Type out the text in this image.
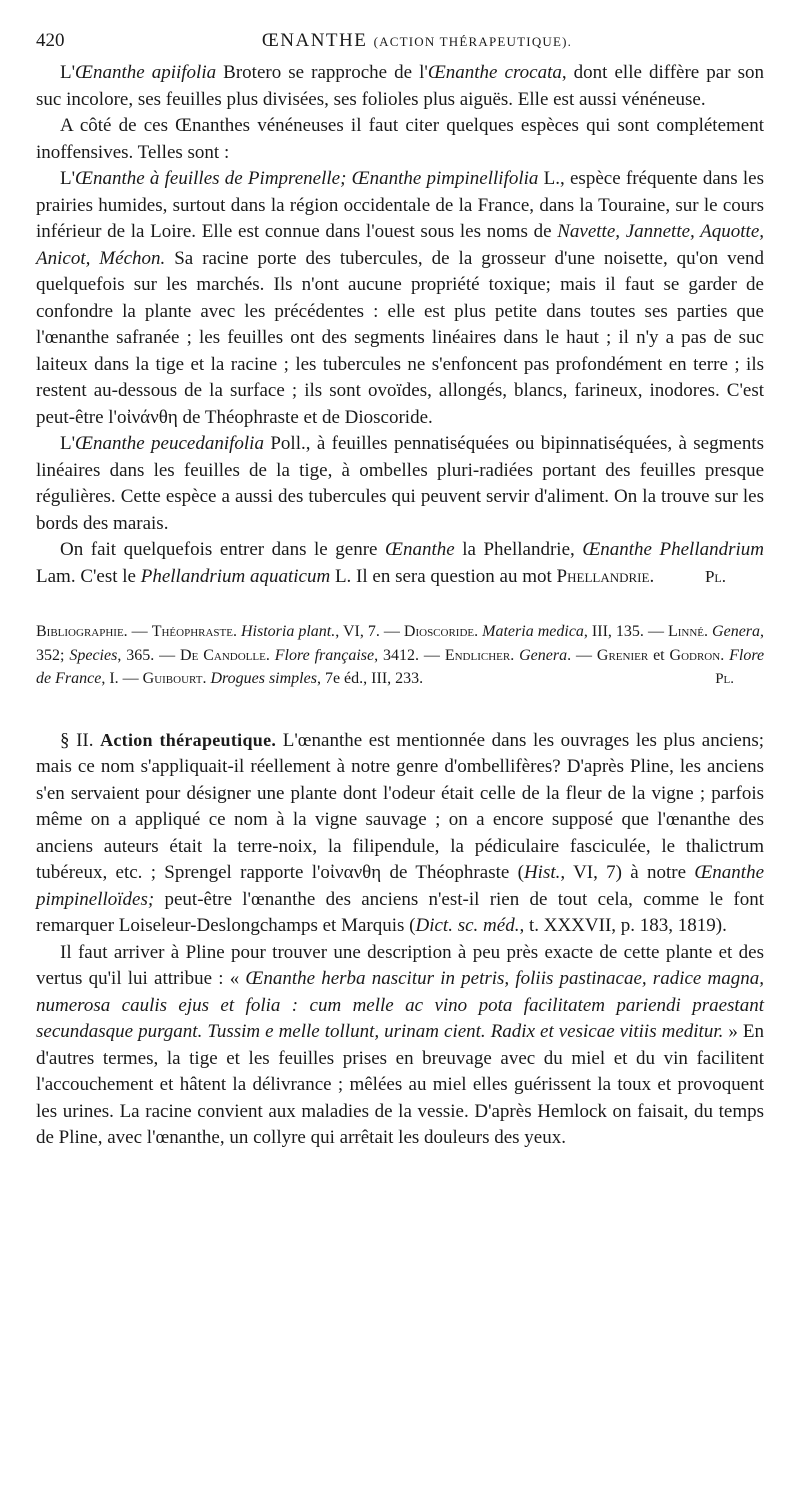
420	ŒNANTHE (ACTION THÉRAPEUTIQUE).

L'Œnanthe apiifolia Brotero se rapproche de l'Œnanthe crocata, dont elle diffère par son suc incolore, ses feuilles plus divisées, ses folioles plus aiguës. Elle est aussi vénéneuse.

A côté de ces Œnanthes vénéneuses il faut citer quelques espèces qui sont complétement inoffensives. Telles sont :

L'Œnanthe à feuilles de Pimprenelle; Œnanthe pimpinellifolia L., espèce fréquente dans les prairies humides, surtout dans la région occidentale de la France, dans la Touraine, sur le cours inférieur de la Loire. Elle est connue dans l'ouest sous les noms de Navette, Jannette, Aquotte, Anicot, Méchon. Sa racine porte des tubercules, de la grosseur d'une noisette, qu'on vend quelquefois sur les marchés. Ils n'ont aucune propriété toxique; mais il faut se garder de confondre la plante avec les précédentes : elle est plus petite dans toutes ses parties que l'œnanthe safranée ; les feuilles ont des segments linéaires dans le haut ; il n'y a pas de suc laiteux dans la tige et la racine ; les tubercules ne s'enfoncent pas profondément en terre ; ils restent au-dessous de la surface ; ils sont ovoïdes, allongés, blancs, farineux, inodores. C'est peut-être l'οἰνάνθη de Théophraste et de Dioscoride.

L'Œnanthe peucedanifolia Poll., à feuilles pennatiséquées ou bipinnatiséquées, à segments linéaires dans les feuilles de la tige, à ombelles pluri-radiées portant des feuilles presque régulières. Cette espèce a aussi des tubercules qui peuvent servir d'aliment. On la trouve sur les bords des marais.

On fait quelquefois entrer dans le genre Œnanthe la Phellandrie, Œnanthe Phellandrium Lam. C'est le Phellandrium aquaticum L. Il en sera question au mot Phellandrie.	Pl.

Bibliographie. — Théophraste. Historia plant., VI, 7. — Dioscoride. Materia medica, III, 135. — Linné. Genera, 352; Species, 365. — De Candolle. Flore française, 3412. — Endlicher. Genera. — Grenier et Godron. Flore de France, I. — Guibourt. Drogues simples, 7e éd., III, 233.	Pl.

§ II. Action thérapeutique. L'œnanthe est mentionnée dans les ouvrages les plus anciens; mais ce nom s'appliquait-il réellement à notre genre d'ombellifères? D'après Pline, les anciens s'en servaient pour désigner une plante dont l'odeur était celle de la fleur de la vigne ; parfois même on a appliqué ce nom à la vigne sauvage ; on a encore supposé que l'œnanthe des anciens auteurs était la terre-noix, la filipendule, la pédiculaire fasciculée, le thalictrum tubéreux, etc. ; Sprengel rapporte l'οἰνανθη de Théophraste (Hist., VI, 7) à notre Œnanthe pimpinelloïdes; peut-être l'œnanthe des anciens n'est-il rien de tout cela, comme le font remarquer Loiseleur-Deslongchamps et Marquis (Dict. sc. méd., t. XXXVII, p. 183, 1819).

Il faut arriver à Pline pour trouver une description à peu près exacte de cette plante et des vertus qu'il lui attribue : « Œnanthe herba nascitur in petris, foliis pastinacae, radice magna, numerosa caulis ejus et folia : cum melle ac vino pota facilitatem pariendi praestant secundasque purgant. Tussim e melle tollunt, urinam cient. Radix et vesicae vitiis meditur. » En d'autres termes, la tige et les feuilles prises en breuvage avec du miel et du vin facilitent l'accouchement et hâtent la délivrance ; mêlées au miel elles guérissent la toux et provoquent les urines. La racine convient aux maladies de la vessie. D'après Hemlock on faisait, du temps de Pline, avec l'œnanthe, un collyre qui arrêtait les douleurs des yeux.
